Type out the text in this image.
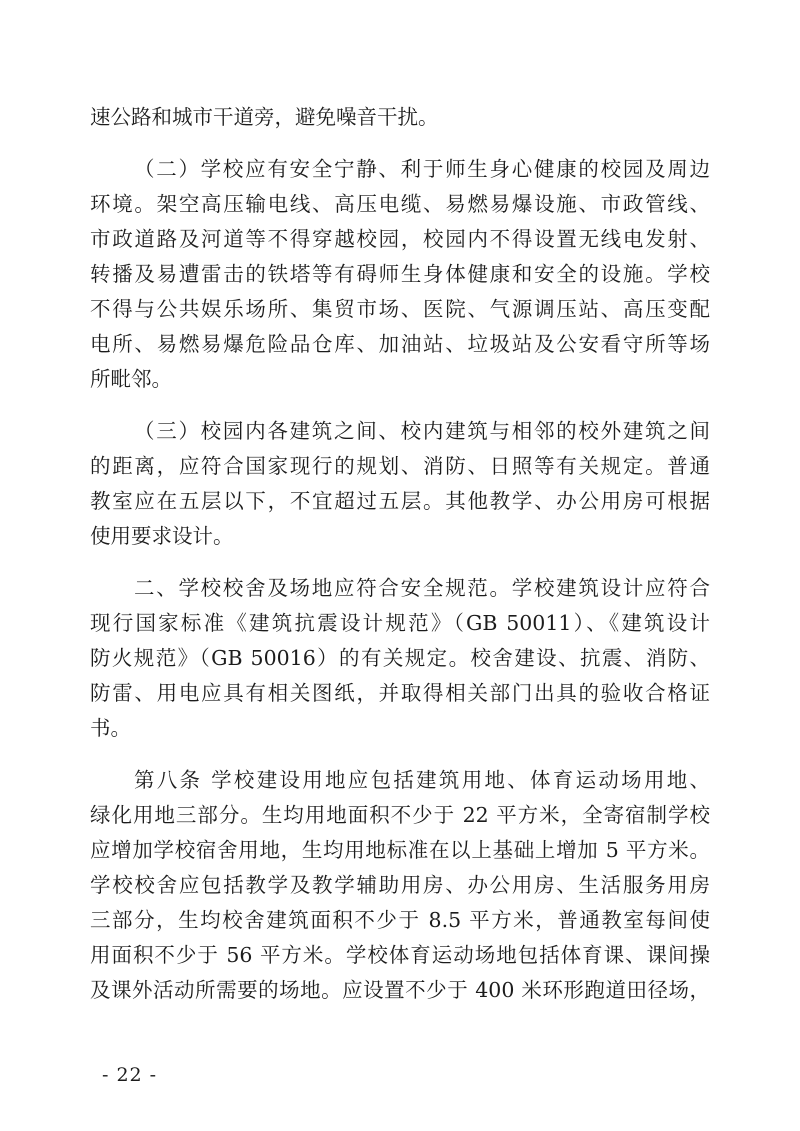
速公路和城市干道旁，避免噪音干扰。
（二）学校应有安全宁静、利于师生身心健康的校园及周边
环境。架空高压输电线、高压电缆、易燃易爆设施、市政管线、
市政道路及河道等不得穿越校园，校园内不得设置无线电发射、
转播及易遭雷击的铁塔等有碍师生身体健康和安全的设施。学校
不得与公共娱乐场所、集贸市场、医院、气源调压站、高压变配
电所、易燃易爆危险品仓库、加油站、垃圾站及公安看守所等场
所毗邻。
（三）校园内各建筑之间、校内建筑与相邻的校外建筑之间
的距离，应符合国家现行的规划、消防、日照等有关规定。普通
教室应在五层以下，不宜超过五层。其他教学、办公用房可根据
使用要求设计。
二、学校校舍及场地应符合安全规范。学校建筑设计应符合
现行国家标准《建筑抗震设计规范》（GB 50011）、《建筑设计
防火规范》（GB 50016）的有关规定。校舍建设、抗震、消防、
防雷、用电应具有相关图纸，并取得相关部门出具的验收合格证
书。
第八条 学校建设用地应包括建筑用地、体育运动场用地、
绿化用地三部分。生均用地面积不少于 22 平方米，全寄宿制学校
应增加学校宿舍用地，生均用地标准在以上基础上增加 5 平方米。
学校校舍应包括教学及教学辅助用房、办公用房、生活服务用房
三部分，生均校舍建筑面积不少于 8.5 平方米，普通教室每间使
用面积不少于 56 平方米。学校体育运动场地包括体育课、课间操
及课外活动所需要的场地。应设置不少于 400 米环形跑道田径场，
- 22 -
